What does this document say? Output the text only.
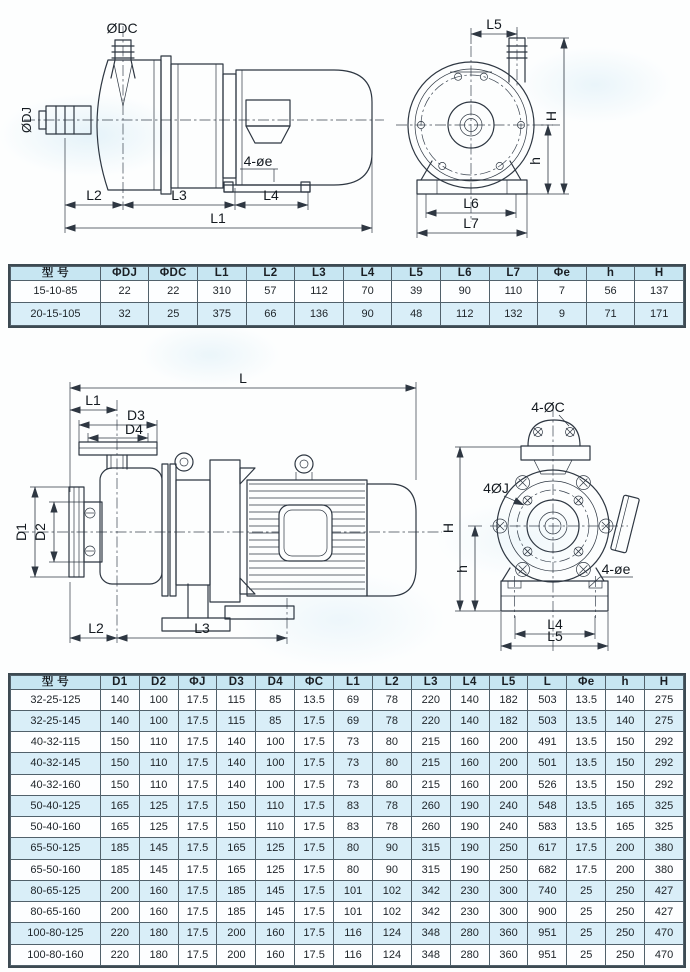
ØDC
ØDJ
4-øe
L2	L3	L4
L1
L5
H
h
L6
L7
型 号	ΦDJ	ΦDC	L1	L2	L3	L4	L5	L6	L7	Φe	h	H
15-10-85	22	22	310	57	112	70	39	90	110	7	56	137
20-15-105	32	25	375	66	136	90	48	112	132	9	71	171
L
L1
D3
D4
D1 D2
L2	L3
4-ØC
4ØJ
H
h	4-øe
L4
L5
型 号	D1	D2	ΦJ	D3	D4	ΦC	L1	L2	L3	L4	L5	L	Φe	h	H
32-25-125	140	100	17.5	115	85	13.5	69	78	220	140	182	503	13.5	140	275
32-25-145	140	100	17.5	115	85	17.5	69	78	220	140	182	503	13.5	140	275
40-32-115	150	110	17.5	140	100	17.5	73	80	215	160	200	491	13.5	150	292
40-32-145	150	110	17.5	140	100	17.5	73	80	215	160	200	501	13.5	150	292
40-32-160	150	110	17.5	140	100	17.5	73	80	215	160	200	526	13.5	150	292
50-40-125	165	125	17.5	150	110	17.5	83	78	260	190	240	548	13.5	165	325
50-40-160	165	125	17.5	150	110	17.5	83	78	260	190	240	583	13.5	165	325
65-50-125	185	145	17.5	165	125	17.5	80	90	315	190	250	617	17.5	200	380
65-50-160	185	145	17.5	165	125	17.5	80	90	315	190	250	682	17.5	200	380
80-65-125	200	160	17.5	185	145	17.5	101	102	342	230	300	740	25	250	427
80-65-160	200	160	17.5	185	145	17.5	101	102	342	230	300	900	25	250	427
100-80-125	220	180	17.5	200	160	17.5	116	124	348	280	360	951	25	250	470
100-80-160	220	180	17.5	200	160	17.5	116	124	348	280	360	951	25	250	470
